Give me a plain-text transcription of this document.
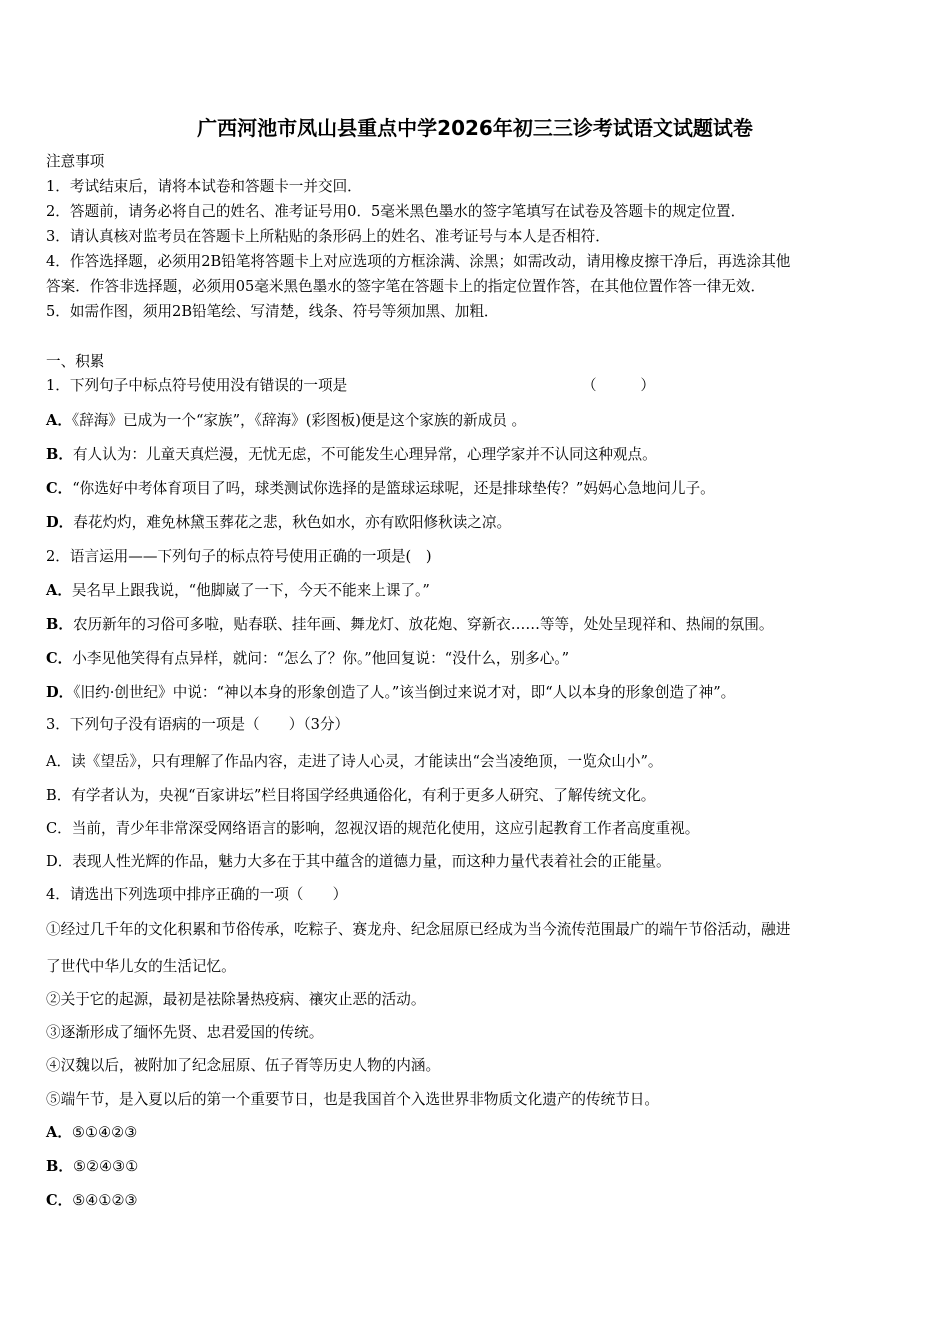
广西河池市凤山县重点中学2026年初三三诊考试语文试题试卷
注意事项
1．考试结束后，请将本试卷和答题卡一并交回．
2．答题前，请务必将自己的姓名、准考证号用0．5毫米黑色墨水的签字笔填写在试卷及答题卡的规定位置．
3．请认真核对监考员在答题卡上所粘贴的条形码上的姓名、准考证号与本人是否相符．
4．作答选择题，必须用2B铅笔将答题卡上对应选项的方框涂满、涂黑；如需改动，请用橡皮擦干净后，再选涂其他
答案．作答非选择题，必须用05毫米黑色墨水的签字笔在答题卡上的指定位置作答，在其他位置作答一律无效．
5．如需作图，须用2B铅笔绘、写清楚，线条、符号等须加黑、加粗．
一、积累
1．下列句子中标点符号使用没有错误的一项是	（　　　）
A．《辞海》已成为一个“家族”，《辞海》(彩图板)便是这个家族的新成员 。
B．有人认为：儿童天真烂漫，无忧无虑，不可能发生心理异常，心理学家并不认同这种观点。
C．“你选好中考体育项目了吗，球类测试你选择的是篮球运球呢，还是排球垫传？”妈妈心急地问儿子。
D．春花灼灼，难免林黛玉葬花之悲，秋色如水，亦有欧阳修秋读之凉。
2．语言运用——下列句子的标点符号使用正确的一项是(　)
A．吴名早上跟我说，“他脚崴了一下，今天不能来上课了。”
B．农历新年的习俗可多啦，贴春联、挂年画、舞龙灯、放花炮、穿新衣……等等，处处呈现祥和、热闹的氛围。
C．小李见他笑得有点异样，就问：“怎么了？你。”他回复说：“没什么，别多心。”
D．《旧约·创世纪》中说：“神以本身的形象创造了人。”该当倒过来说才对，即“人以本身的形象创造了神”。
3．下列句子没有语病的一项是（　　）（3分）
A．读《望岳》，只有理解了作品内容，走进了诗人心灵，才能读出“会当凌绝顶，一览众山小”。
B．有学者认为，央视“百家讲坛”栏目将国学经典通俗化，有利于更多人研究、了解传统文化。
C．当前，青少年非常深受网络语言的影响，忽视汉语的规范化使用，这应引起教育工作者高度重视。
D．表现人性光辉的作品，魅力大多在于其中蕴含的道德力量，而这种力量代表着社会的正能量。
4．请选出下列选项中排序正确的一项（　　）
①经过几千年的文化积累和节俗传承，吃粽子、赛龙舟、纪念屈原已经成为当今流传范围最广的端午节俗活动，融进
了世代中华儿女的生活记忆。
②关于它的起源，最初是祛除暑热疫病、禳灾止恶的活动。
③逐渐形成了缅怀先贤、忠君爱国的传统。
④汉魏以后，被附加了纪念屈原、伍子胥等历史人物的内涵。
⑤端午节，是入夏以后的第一个重要节日，也是我国首个入选世界非物质文化遗产的传统节日。
A．⑤①④②③
B．⑤②④③①
C．⑤④①②③
